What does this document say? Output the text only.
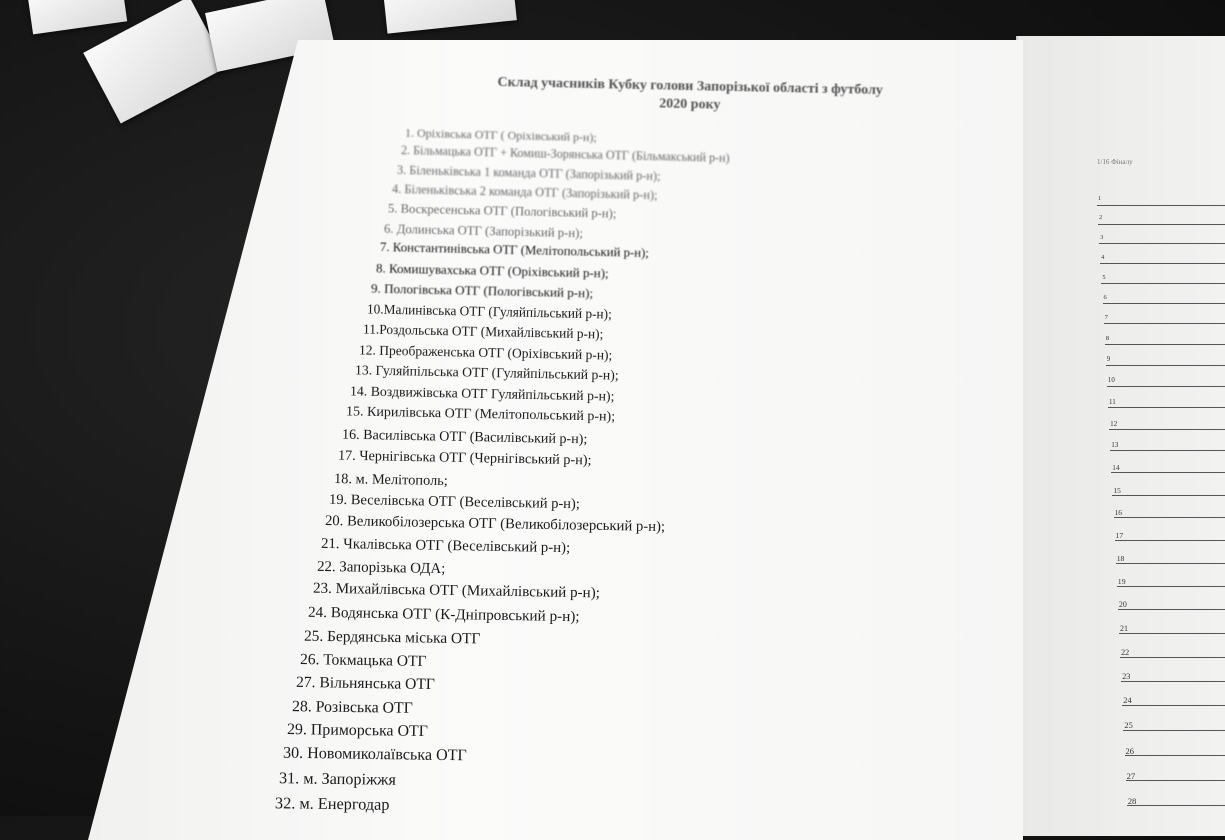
1/16 Фіналу
1
2
3
4
5
6
7
8
9
10
11
12
13
14
15
16
17
18
19
20
21
22
23
24
25
26
27
28
Склад учасників Кубку голови Запорізької області з футболу
2020 року
1. Оріхівська ОТГ ( Оріхівський р-н);
2. Більмацька ОТГ + Комиш-Зорянська ОТГ (Більмакський р-н)
3. Біленьківська 1 команда ОТГ (Запорізький р-н);
4. Біленьківська 2 команда ОТГ (Запорізький р-н);
5. Воскресенська ОТГ (Пологівський р-н);
6. Долинська ОТГ (Запорізький р-н);
7. Константинівська ОТГ (Мелітопольський р-н);
8. Комишувахська ОТГ (Оріхівський р-н);
9. Пологівська ОТГ (Пологівський р-н);
10.Малинівська ОТГ (Гуляйпільський р-н);
11.Роздольська ОТГ (Михайлівський р-н);
12. Преображенська ОТГ (Оріхівський р-н);
13. Гуляйпільська ОТГ (Гуляйпільський р-н);
14. Воздвижівська ОТГ Гуляйпільський р-н);
15. Кирилівська ОТГ (Мелітопольський р-н);
16. Василівська ОТГ (Василівський р-н);
17. Чернігівська ОТГ (Чернігівський р-н);
18. м. Мелітополь;
19. Веселівська ОТГ (Веселівський р-н);
20. Великобілозерська ОТГ (Великобілозерський р-н);
21. Чкалівська ОТГ (Веселівський р-н);
22. Запорізька ОДА;
23. Михайлівська ОТГ (Михайлівський р-н);
24. Водянська ОТГ (К-Дніпровський р-н);
25. Бердянська міська ОТГ
26. Токмацька ОТГ
27. Вільнянська ОТГ
28. Розівська ОТГ
29. Приморська ОТГ
30. Новомиколаївська ОТГ
31. м. Запоріжжя
32. м. Енергодар
